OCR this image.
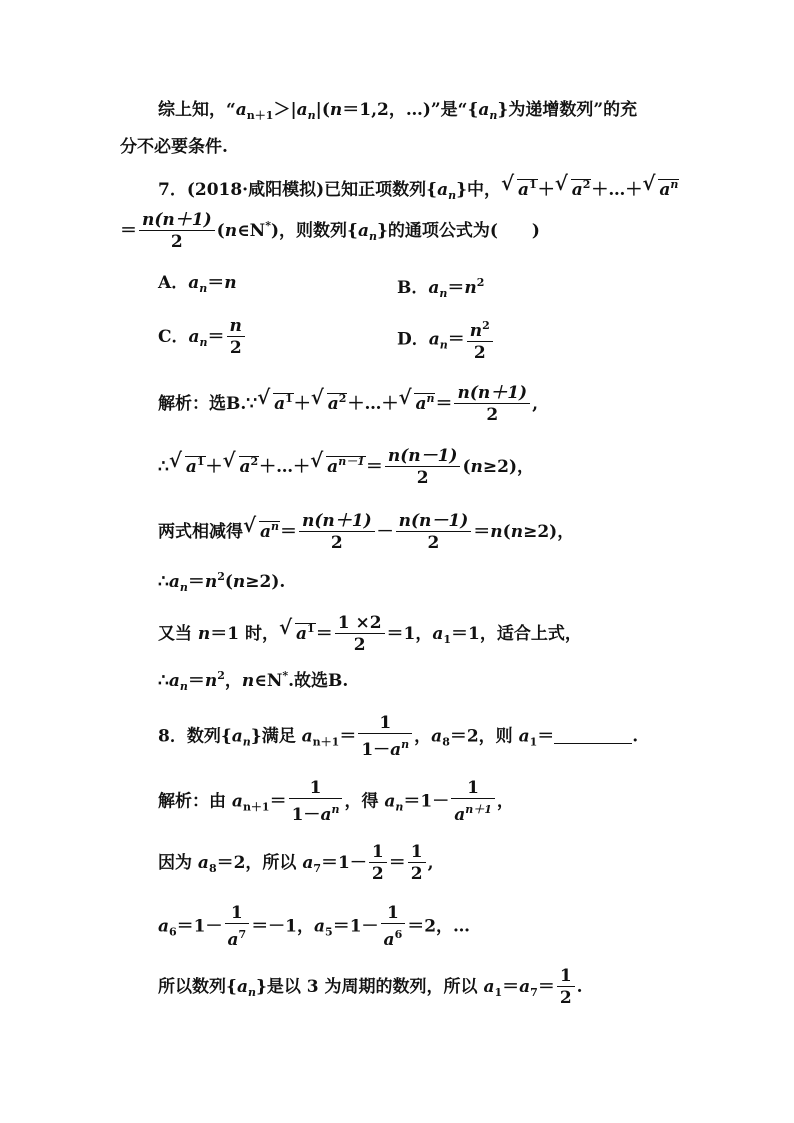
综上知，“$a_{n+1}>|a_n|(n=1,2$，…)”是“$\{a_n\}$为递增数列”的充
分不必要条件.
7．(2018·咸阳模拟)已知正项数列$\{a_n\}$中，√ $a^1+√$ $a^2+\dots+√$ $a^n$
＝ $\frac{n(n+1)}{2}$ (n∈N*)，则数列$\{a_n\}$的通项公式为(　　)
A．$a_n=n$	B．$a_n=n^2$
C．$a_n= \frac{n}{2}$	D．$a_n= \frac{n^2}{2}$
解析：选B.∵√ $a^1+√$ $a^2+\dots+√$ $a^n= \frac{n(n+1)}{2}$ ,
∴√ $a^1+√$ $a^2+\dots+√$ $a^{n-1}= \frac{n(n-1)}{2} (n\ge 2)$，
两式相减得√ $a^n= \frac{n(n+1)}{2} - \frac{n(n-1)}{2} =n(n\ge 2)$，
$\therefore a_n=n^2(n\ge 2)$.
又当 n＝1 时，√ $a^1= \frac{1 \times 2}{2} =1$，$a_1=1$，适合上式，
$\therefore a_n=n^2$，n∈N*.故选B.
8．数列$\{a_n\}$满足 $a_{n+1}= \frac{1}{1-a^n}$ ，$a_8=2$，则 $a_1=$	.
解析：由 $a_{n+1}= \frac{1}{1-a^n}$ ，得 $a_n=1- \frac{1}{a^{n+1}}$ ，
因为 $a_8=2$，所以 $a_7=1- \frac{1}{2} = \frac{1}{2}$ ,
$a_6=1- \frac{1}{a^7} =-1$，$a_5=1- \frac{1}{a^6} =2$，…
所以数列$\{a_n\}$是以 3 为周期的数列，所以 $a_1=a_7= \frac{1}{2}$ .
